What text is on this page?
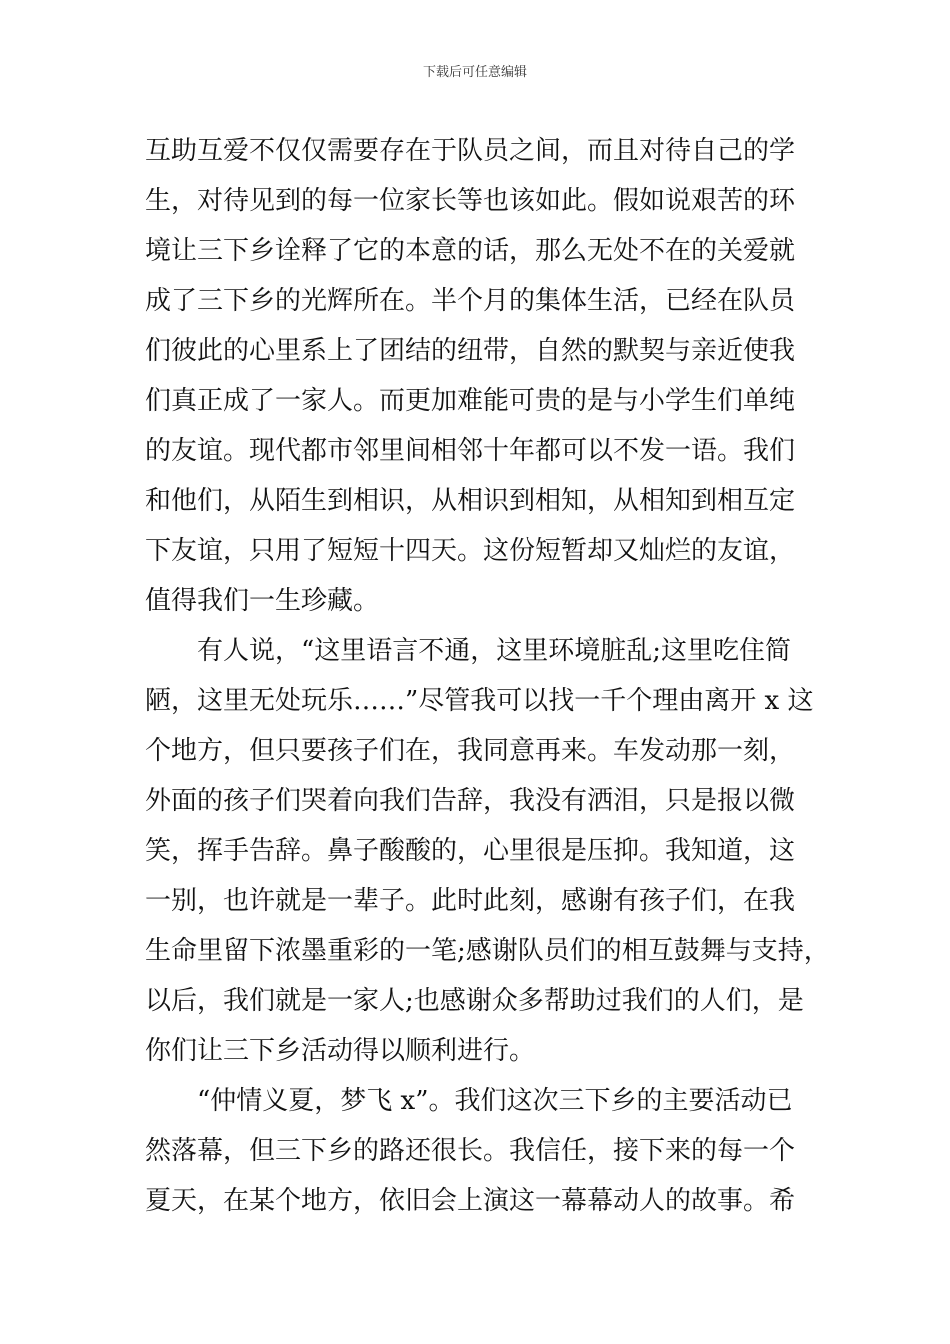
下载后可任意编辑
互助互爱不仅仅需要存在于队员之间，而且对待自己的学
生，对待见到的每一位家长等也该如此。假如说艰苦的环
境让三下乡诠释了它的本意的话，那么无处不在的关爱就
成了三下乡的光辉所在。半个月的集体生活，已经在队员
们彼此的心里系上了团结的纽带，自然的默契与亲近使我
们真正成了一家人。而更加难能可贵的是与小学生们单纯
的友谊。现代都市邻里间相邻十年都可以不发一语。我们
和他们，从陌生到相识，从相识到相知，从相知到相互定
下友谊，只用了短短十四天。这份短暂却又灿烂的友谊，
值得我们一生珍藏。
有人说，“这里语言不通，这里环境脏乱;这里吃住简
陋，这里无处玩乐……”尽管我可以找一千个理由离开 x 这
个地方，但只要孩子们在，我同意再来。车发动那一刻，
外面的孩子们哭着向我们告辞，我没有洒泪，只是报以微
笑，挥手告辞。鼻子酸酸的，心里很是压抑。我知道，这
一别，也许就是一辈子。此时此刻，感谢有孩子们，在我
生命里留下浓墨重彩的一笔;感谢队员们的相互鼓舞与支持，
以后，我们就是一家人;也感谢众多帮助过我们的人们，是
你们让三下乡活动得以顺利进行。
“仲情义夏，梦飞 x”。我们这次三下乡的主要活动已
然落幕，但三下乡的路还很长。我信任，接下来的每一个
夏天，在某个地方，依旧会上演这一幕幕动人的故事。希
